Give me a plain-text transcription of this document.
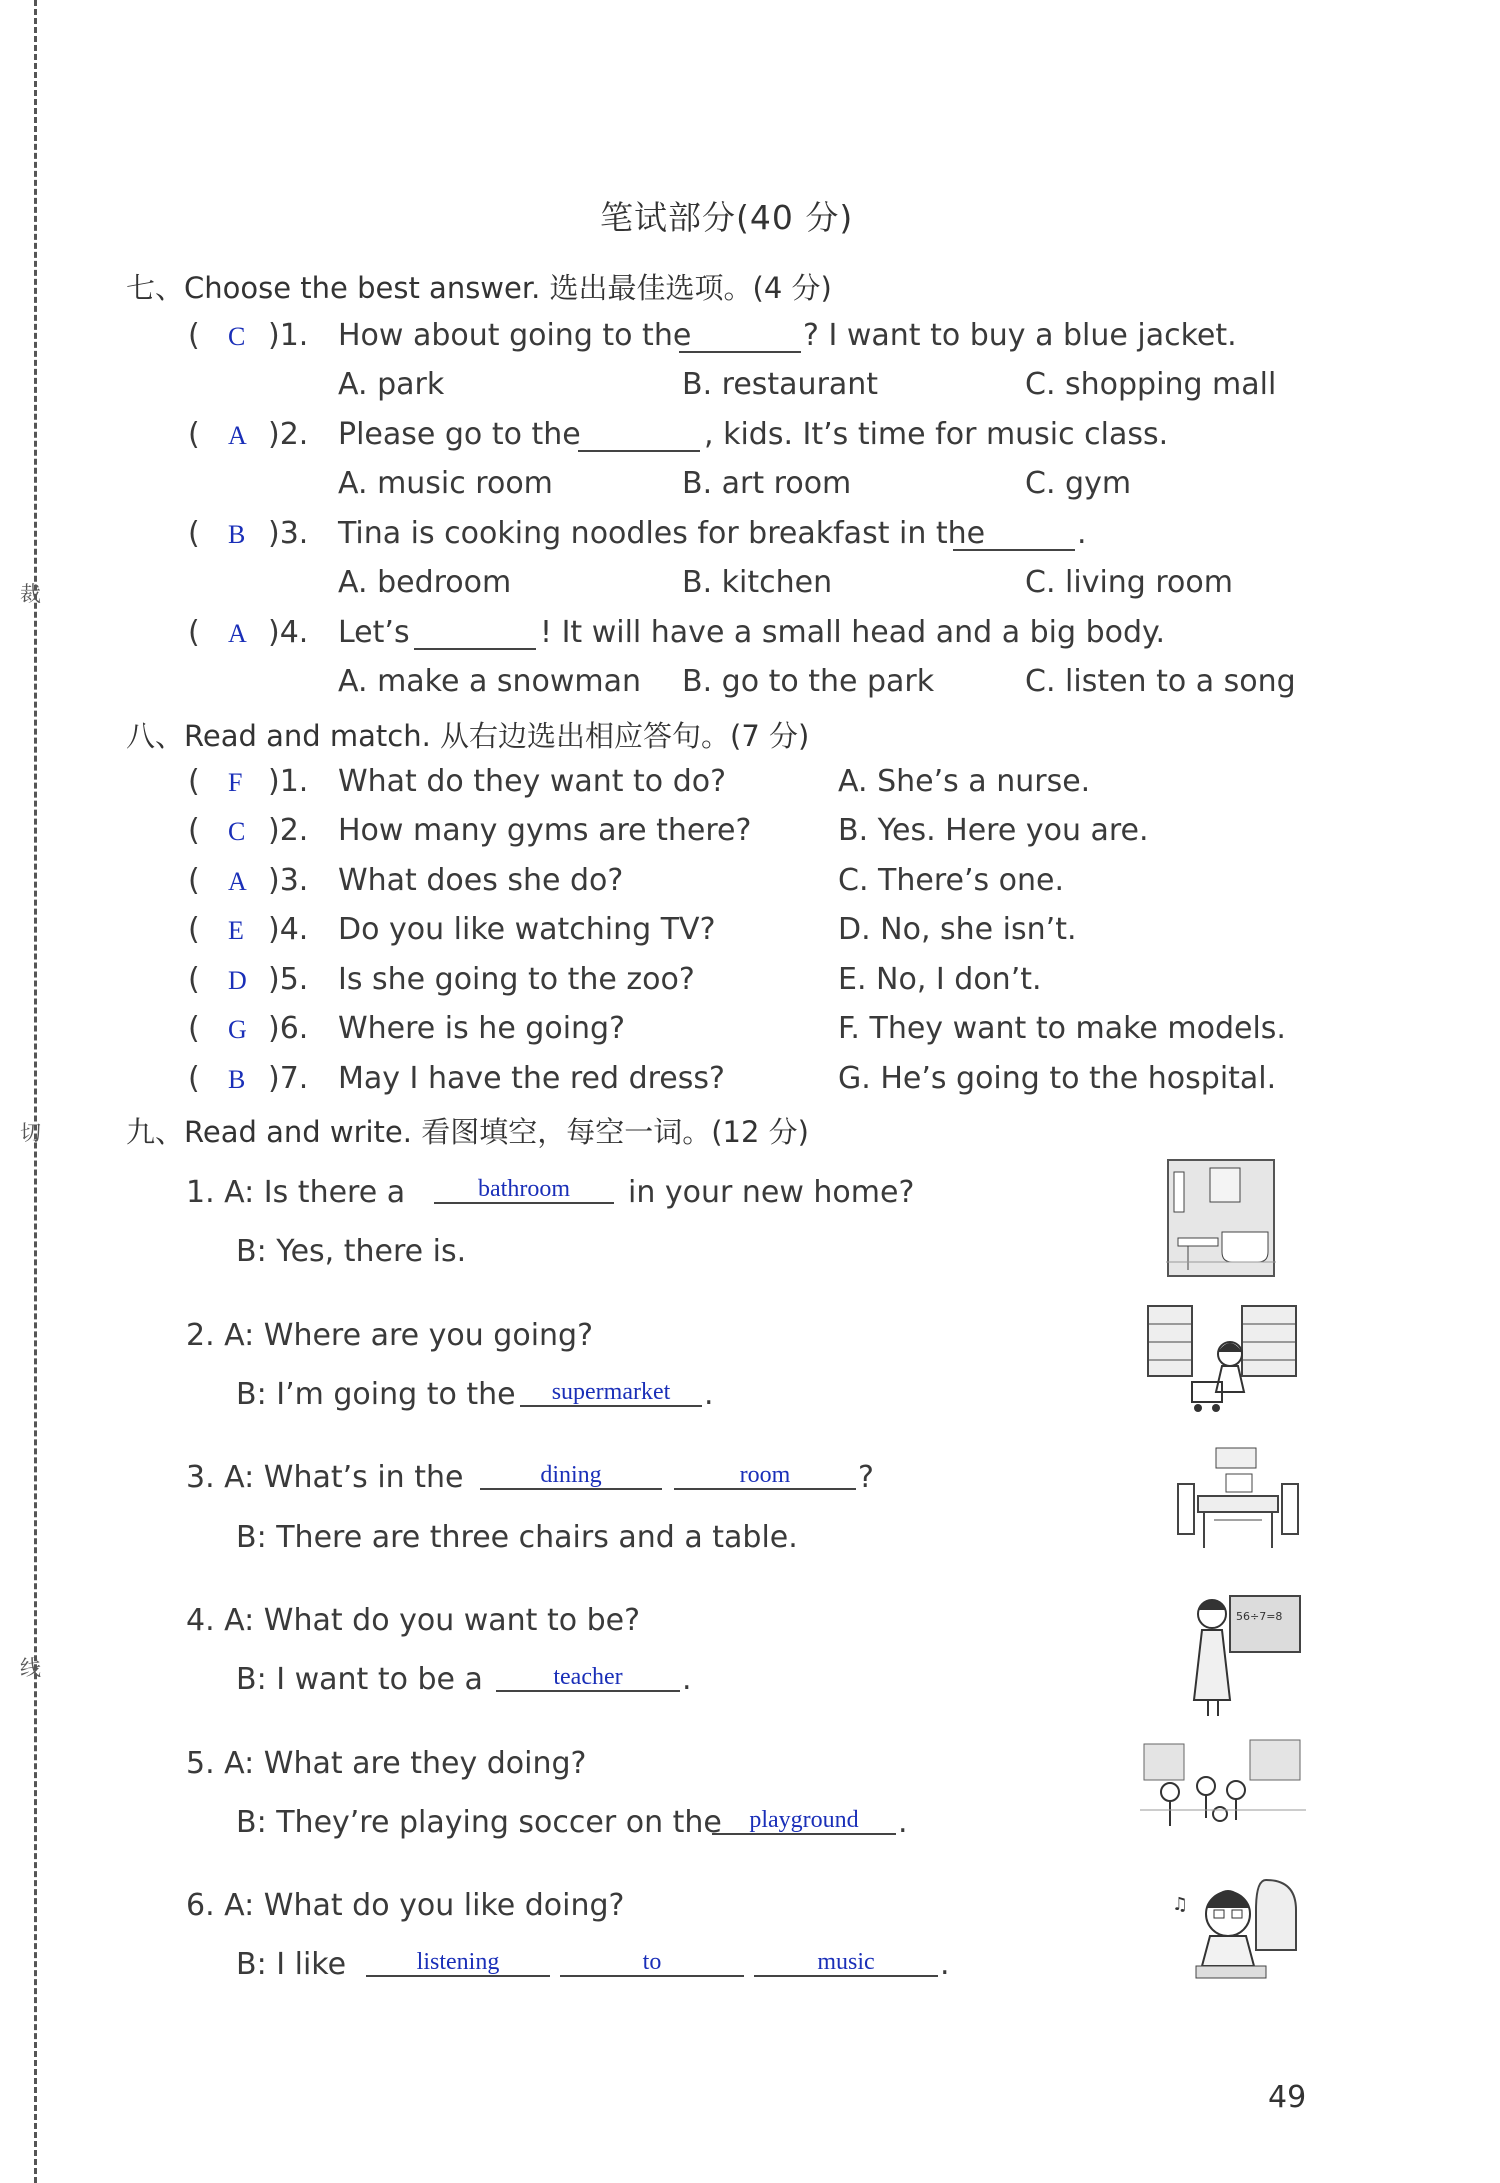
裁
切
线
笔试部分(40 分)
七、Choose the best answer. 选出最佳选项。(4 分)
( C )1. How about going to the	? I want to buy a blue jacket.
A. park	B. restaurant	C. shopping mall
( A )2. Please go to the	, kids. It’s time for music class.
A. music room	B. art room	C. gym
( B )3. Tina is cooking noodles for breakfast in the	.
A. bedroom	B. kitchen	C. living room
( A )4. Let’s	! It will have a small head and a big body.
A. make a snowman B. go to the park	C. listen to a song
八、Read and match. 从右边选出相应答句。(7 分)
( F )1. What do they want to do?	A. She’s a nurse.
( C )2. How many gyms are there?	B. Yes. Here you are.
( A )3. What does she do?	C. There’s one.
( E )4. Do you like watching TV?	D. No, she isn’t.
( D )5. Is she going to the zoo?	E. No, I don’t.
( G )6. Where is he going?	F. They want to make models.
( B )7. May I have the red dress?	G. He’s going to the hospital.
九、Read and write. 看图填空，每空一词。(12 分)
1. A: Is there a	bathroom	in your new home?
B: Yes, there is.
2. A: Where are you going?
B: I’m going to the	supermarket	.
3. A: What’s in the	dining	room	?
B: There are three chairs and a table.
4. A: What do you want to be?
B: I want to be a	teacher	.
5. A: What are they doing?
B: They’re playing soccer on the	playground	.
6. A: What do you like doing?
B: I like	listening	to	music	.
56÷7=8
♫
49
